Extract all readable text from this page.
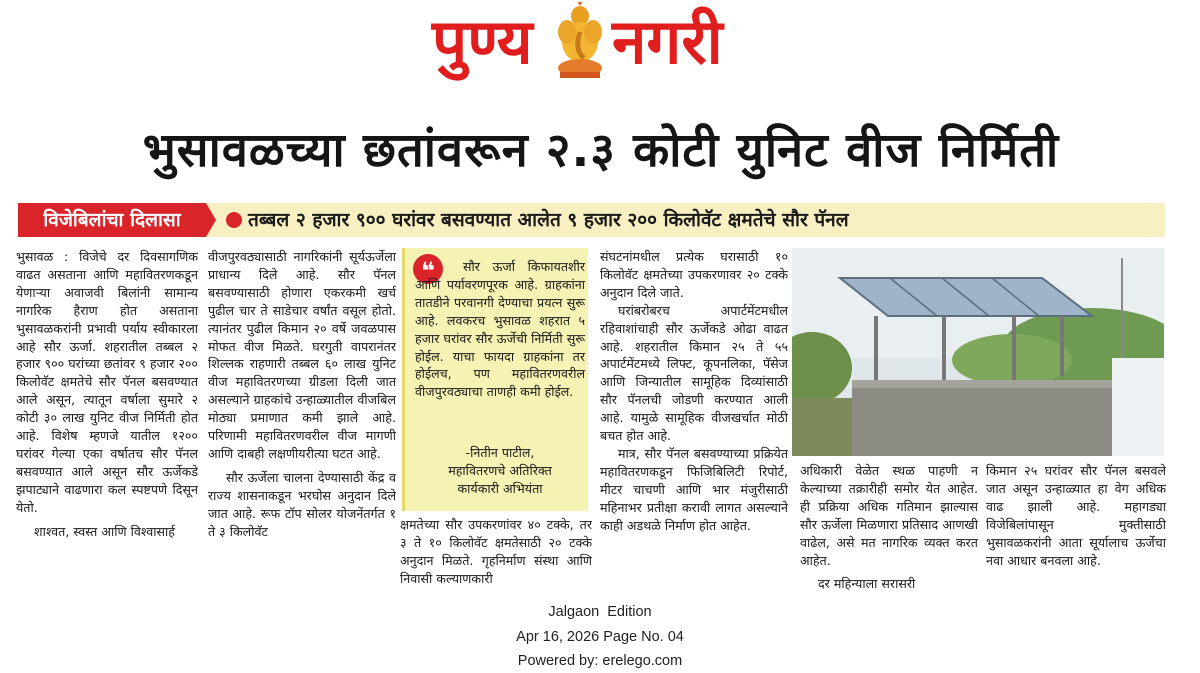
पुण्य नगरी
भुसावळच्या छतांवरून २.३ कोटी युनिट वीज निर्मिती
विजेबिलांचा दिलासा	तब्बल २ हजार ९०० घरांवर बसवण्यात आलेत ९ हजार २०० किलोवॅट क्षमतेचे सौर पॅनल

भुसावळ : विजेचे दर दिवसागणिक वाढत असताना आणि महावितरणकडून येणाऱ्या अवाजवी बिलांनी सामान्य नागरिक हैराण होत असताना भुसावळकरांनी प्रभावी पर्याय स्वीकारला आहे सौर ऊर्जा. शहरातील तब्बल २ हजार ९०० घरांच्या छतांवर ९ हजार २०० किलोवॅट क्षमतेचे सौर पॅनल बसवण्यात आले असून, त्यातून वर्षाला सुमारे २ कोटी ३० लाख युनिट वीज निर्मिती होत आहे. विशेष म्हणजे यातील १२०० घरांवर गेल्या एका वर्षातच सौर पॅनल बसवण्यात आले असून सौर ऊर्जेकडे झपाट्याने वाढणारा कल स्पष्टपणे दिसून येतो.

शाश्वत, स्वस्त आणि विश्वासार्ह

वीजपुरवठ्यासाठी नागरिकांनी सूर्यऊर्जेला प्राधान्य दिले आहे. सौर पॅनल बसवण्यासाठी होणारा एकरकमी खर्च पुढील चार ते साडेचार वर्षांत वसूल होतो. त्यानंतर पुढील किमान २० वर्षे जवळपास मोफत वीज मिळते. घरगुती वापरानंतर शिल्लक राहणारी तब्बल ६० लाख युनिट वीज महावितरणच्या ग्रीडला दिली जात असल्याने ग्राहकांचे उन्हाळ्यातील वीजबिल मोठ्या प्रमाणात कमी झाले आहे. परिणामी महावितरणवरील वीज मागणी आणि दाबही लक्षणीयरीत्या घटत आहे.

सौर ऊर्जेला चालना देण्यासाठी केंद्र व राज्य शासनाकडून भरघोस अनुदान दिले जात आहे. रूफ टॉप सोलर योजनेंतर्गत १ ते ३ किलोवॅट

❝	सौर ऊर्जा किफायतशीर आणि पर्यावरणपूरक आहे. ग्राहकांना तातडीने परवानगी देण्याचा प्रयत्न सुरू आहे. लवकरच भुसावळ शहरात ५ हजार घरांवर सौर ऊर्जेची निर्मिती सुरू होईल. याचा फायदा ग्राहकांना तर होईलच, पण महावितरणवरील वीजपुरवठ्याचा ताणही कमी होईल.
-नितीन पाटील,
महावितरणचे अतिरिक्त
कार्यकारी अभियंता

क्षमतेच्या सौर उपकरणांवर ४० टक्के, तर ३ ते १० किलोवॅट क्षमतेसाठी २० टक्के अनुदान मिळते. गृहनिर्माण संस्था आणि निवासी कल्याणकारी

संघटनांमधील प्रत्येक घरासाठी १० किलोवॅट क्षमतेच्या उपकरणावर २० टक्के अनुदान दिले जाते.

घरांबरोबरच अपार्टमेंटमधील रहिवाशांचाही सौर ऊर्जेकडे ओढा वाढत आहे. शहरातील किमान २५ ते ५५ अपार्टमेंटमध्ये लिफ्ट, कूपनलिका, पॅसेज आणि जिन्यातील सामूहिक दिव्यांसाठी सौर पॅनलची जोडणी करण्यात आली आहे. यामुळे सामूहिक वीजखर्चात मोठी बचत होत आहे.

मात्र, सौर पॅनल बसवण्याच्या प्रक्रियेत महावितरणकडून फिजिबिलिटी रिपोर्ट, मीटर चाचणी आणि भार मंजुरीसाठी महिनाभर प्रतीक्षा करावी लागत असल्याने काही अडथळे निर्माण होत आहेत.

अधिकारी वेळेत स्थळ पाहणी न केल्याच्या तक्रारीही समोर येत आहेत. ही प्रक्रिया अधिक गतिमान झाल्यास सौर ऊर्जेला मिळणारा प्रतिसाद आणखी वाढेल, असे मत नागरिक व्यक्त करत आहेत.

दर महिन्याला सरासरी

किमान २५ घरांवर सौर पॅनल बसवले जात असून उन्हाळ्यात हा वेग अधिक वाढ झाली आहे. महागड्या विजेबिलांपासून मुक्तीसाठी भुसावळकरांनी आता सूर्यालाच ऊर्जेचा नवा आधार बनवला आहे.

Jalgaon  Edition
Apr 16, 2026 Page No. 04
Powered by: erelego.com
